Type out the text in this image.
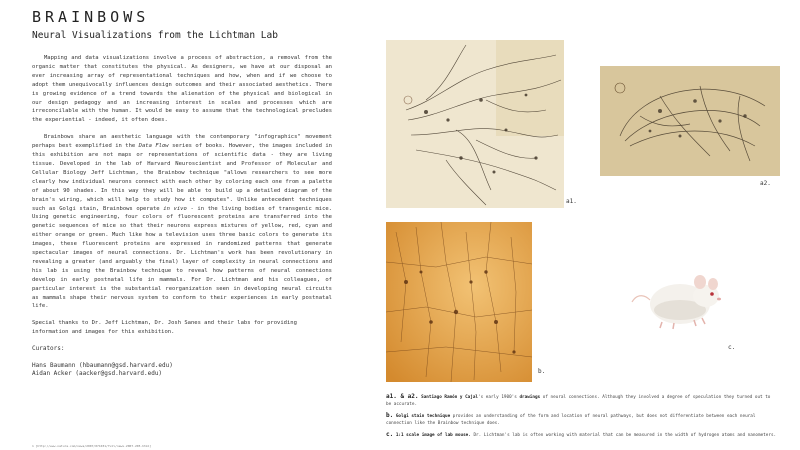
BRAINBOWS
Neural Visualizations from the Lichtman Lab

Mapping and data visualizations involve a process of abstraction, a removal from the organic matter that constitutes the physical. As designers, we have at our disposal an ever increasing array of representational techniques and how, when and if we choose to adopt them unequivocally influences design outcomes and their associated aesthetics. There is growing evidence of a trend towards the alienation of the physical and biological in our design pedagogy and an increasing interest in scales and processes which are irreconcilable with the human. It would be easy to assume that the technological precludes the experiential - indeed, it often does.

Brainbows share an aesthetic language with the contemporary "infographics" movement perhaps best exemplified in the Data Flow series of books. However, the images included in this exhibition are not maps or representations of scientific data - they are living tissue. Developed in the lab of Harvard Neuroscientist and Professor of Molecular and Cellular Biology Jeff Lichtman, the Brainbow technique "allows researchers to see more clearly how individual neurons connect with each other by coloring each one from a palette of about 90 shades. In this way they will be able to build up a detailed diagram of the brain's wiring, which will help to study how it computes". Unlike antecedent techniques such as Golgi stain, Brainbows operate in vivo - in the living bodies of transgenic mice. Using genetic engineering, four colors of fluorescent proteins are transferred into the genetic sequences of mice so that their neurons express mixtures of yellow, red, cyan and either orange or green. Much like how a television uses three basic colors to generate its images, these fluorescent proteins are expressed in randomized patterns that generate spectacular images of neural connections. Dr. Lichtman's work has been revolutionary in revealing a greater (and arguably the final) layer of complexity in neural connections and his lab is using the Brainbow technique to reveal how patterns of neural connections develop in early postnatal life in mammals. For Dr. Lichtman and his colleagues, of particular interest is the substantial reorganization seen in developing neural circuits as mammals shape their nervous system to conform to their experiences in early postnatal life.

Special thanks to Dr. Jeff Lichtman, Dr. Josh Sanes and their labs for providing information and images for this exhibition.

Curators:

Hans Baumann (hbaumann@gsd.harvard.edu)

Aidan Acker (aacker@gsd.harvard.edu)

1 [http://www.nature.com/news/2007/071031/full/news.2007.205.html]
a1.
a2.
b.
c.

a1. & a2. Santiago Ramón y Cajal's early 1900's drawings of neural connections. Although they involved a degree of speculation they turned out to be accurate.

b. Golgi stain technique provides an understanding of the form and location of neural pathways, but does not differentiate between each neural connection like the Brainbow technique does.

c. 1:1 scale image of lab mouse. Dr. Lichtman's lab is often working with material that can be measured in the width of hydrogen atoms and nanometers.
